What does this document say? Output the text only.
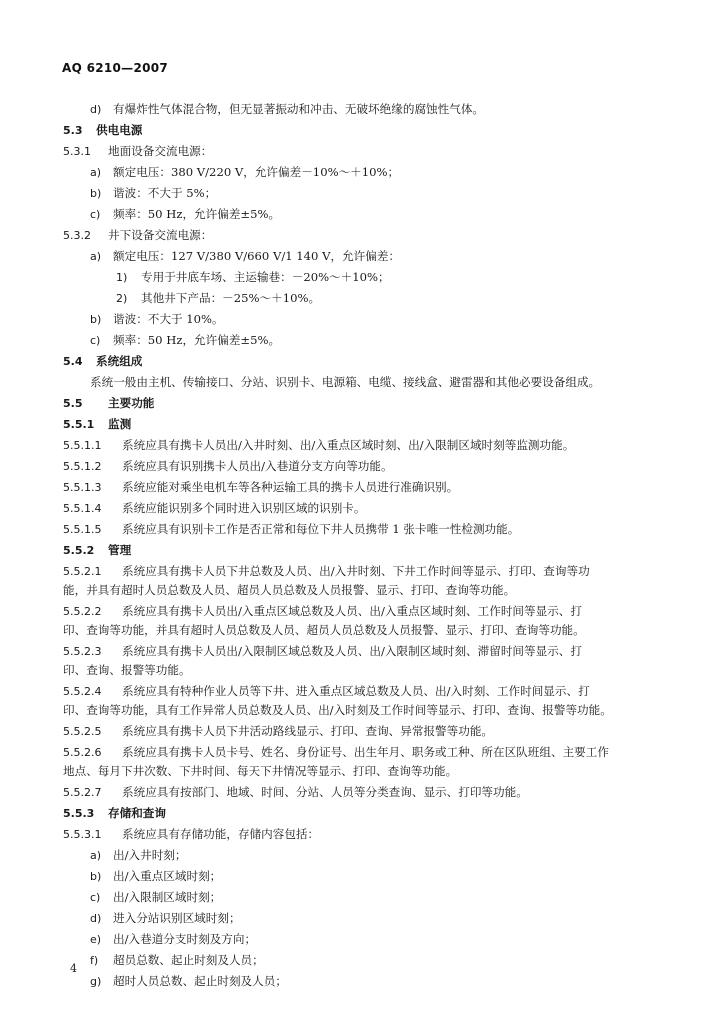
AQ 6210—2007
d) 有爆炸性气体混合物，但无显著振动和冲击、无破坏绝缘的腐蚀性气体。
5.3 供电电源
5.3.1 地面设备交流电源：
a) 额定电压：380 V/220 V，允许偏差－10%～＋10%；
b) 谐波：不大于 5%；
c) 频率：50 Hz，允许偏差±5%。
5.3.2 井下设备交流电源：
a) 额定电压：127 V/380 V/660 V/1 140 V，允许偏差：
1) 专用于井底车场、主运输巷：－20%～＋10%；
2) 其他井下产品：－25%～＋10%。
b) 谐波：不大于 10%。
c) 频率：50 Hz，允许偏差±5%。
5.4 系统组成
系统一般由主机、传输接口、分站、识别卡、电源箱、电缆、接线盒、避雷器和其他必要设备组成。
5.5 主要功能
5.5.1 监测
5.5.1.1 系统应具有携卡人员出/入井时刻、出/入重点区域时刻、出/入限制区域时刻等监测功能。
5.5.1.2 系统应具有识别携卡人员出/入巷道分支方向等功能。
5.5.1.3 系统应能对乘坐电机车等各种运输工具的携卡人员进行准确识别。
5.5.1.4 系统应能识别多个同时进入识别区域的识别卡。
5.5.1.5 系统应具有识别卡工作是否正常和每位下井人员携带 1 张卡唯一性检测功能。
5.5.2 管理
5.5.2.1 系统应具有携卡人员下井总数及人员、出/入井时刻、下井工作时间等显示、打印、查询等功
能，并具有超时人员总数及人员、超员人员总数及人员报警、显示、打印、查询等功能。
5.5.2.2 系统应具有携卡人员出/入重点区域总数及人员、出/入重点区域时刻、工作时间等显示、打
印、查询等功能，并具有超时人员总数及人员、超员人员总数及人员报警、显示、打印、查询等功能。
5.5.2.3 系统应具有携卡人员出/入限制区域总数及人员、出/入限制区域时刻、滞留时间等显示、打
印、查询、报警等功能。
5.5.2.4 系统应具有特种作业人员等下井、进入重点区域总数及人员、出/入时刻、工作时间显示、打
印、查询等功能，具有工作异常人员总数及人员、出/入时刻及工作时间等显示、打印、查询、报警等功能。
5.5.2.5 系统应具有携卡人员下井活动路线显示、打印、查询、异常报警等功能。
5.5.2.6 系统应具有携卡人员卡号、姓名、身份证号、出生年月、职务或工种、所在区队班组、主要工作
地点、每月下井次数、下井时间、每天下井情况等显示、打印、查询等功能。
5.5.2.7 系统应具有按部门、地域、时间、分站、人员等分类查询、显示、打印等功能。
5.5.3 存储和查询
5.5.3.1 系统应具有存储功能，存储内容包括：
a) 出/入井时刻；
b) 出/入重点区域时刻；
c) 出/入限制区域时刻；
d) 进入分站识别区域时刻；
e) 出/入巷道分支时刻及方向；
f) 超员总数、起止时刻及人员；
g) 超时人员总数、起止时刻及人员；
4
